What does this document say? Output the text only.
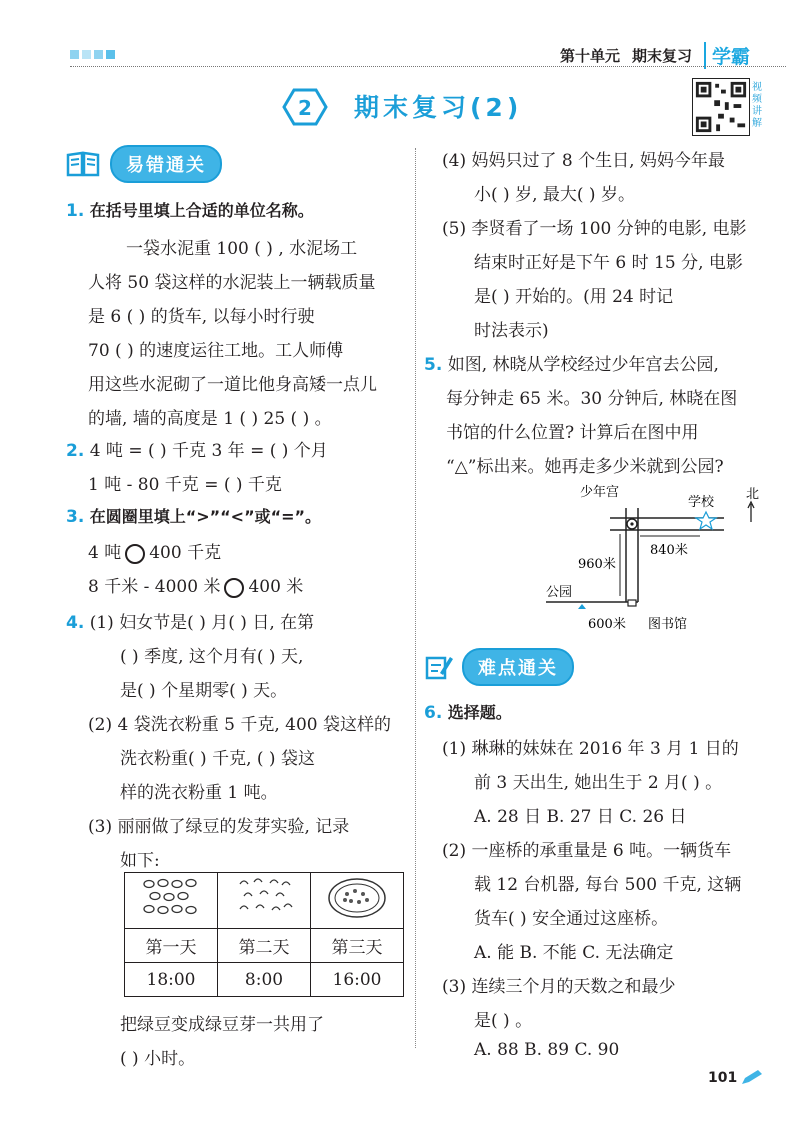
第十单元 期末复习	学霸
2 期末复习(2)
视频讲解
易错通关
1. 在括号里填上合适的单位名称。
一袋水泥重 100 ( ) , 水泥场工
人将 50 袋这样的水泥装上一辆载质量
是 6 ( ) 的货车, 以每小时行驶
70 ( ) 的速度运往工地。工人师傅
用这些水泥砌了一道比他身高矮一点儿
的墙, 墙的高度是 1 ( ) 25 ( ) 。
2. 4 吨 = ( ) 千克 3 年 = ( ) 个月
1 吨 - 80 千克 = ( ) 千克
3. 在圆圈里填上“>”“<”或“=”。
4 吨 400 千克
8 千米 - 4000 米 400 米
4. (1) 妇女节是( ) 月( ) 日, 在第
( ) 季度, 这个月有( ) 天,
是( ) 个星期零( ) 天。
(2) 4 袋洗衣粉重 5 千克, 400 袋这样的
洗衣粉重( ) 千克, ( ) 袋这
样的洗衣粉重 1 吨。
(3) 丽丽做了绿豆的发芽实验, 记录
如下:

第一天	第二天	第三天
18:00	8:00	16:00
把绿豆变成绿豆芽一共用了
( ) 小时。
(4) 妈妈只过了 8 个生日, 妈妈今年最
小( ) 岁, 最大( ) 岁。
(5) 李贤看了一场 100 分钟的电影, 电影
结束时正好是下午 6 时 15 分, 电影
是( ) 开始的。(用 24 时记
时法表示)
5. 如图, 林晓从学校经过少年宫去公园,
每分钟走 65 米。30 分钟后, 林晓在图
书馆的什么位置? 计算后在图中用
“△”标出来。她再走多少米就到公园?
少年宫
学校
北
840米
960米
公园
600米 图书馆
难点通关
6. 选择题。
(1) 琳琳的妹妹在 2016 年 3 月 1 日的
前 3 天出生, 她出生于 2 月( ) 。
A. 28 日 B. 27 日 C. 26 日
(2) 一座桥的承重量是 6 吨。一辆货车
载 12 台机器, 每台 500 千克, 这辆
货车( ) 安全通过这座桥。
A. 能 B. 不能 C. 无法确定
(3) 连续三个月的天数之和最少
是( ) 。
A. 88 B. 89 C. 90
101
